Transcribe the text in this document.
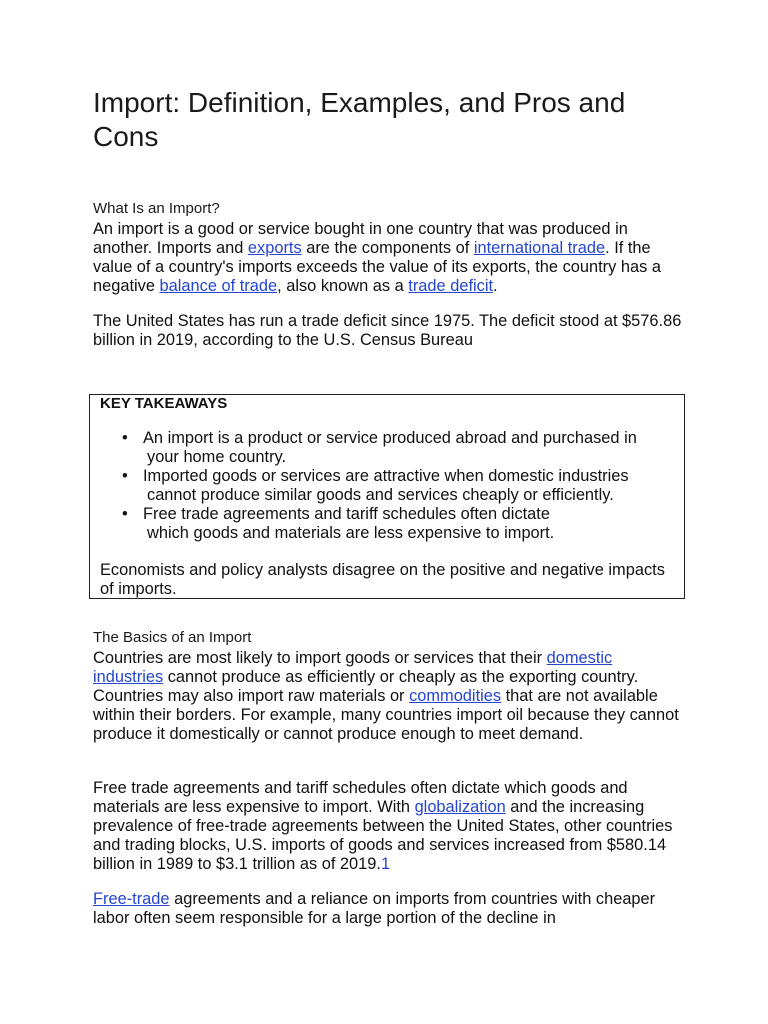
Import: Definition, Examples, and Pros and Cons

What Is an Import?

An import is a good or service bought in one country that was produced in another. Imports and exports are the components of international trade. If the value of a country's imports exceeds the value of its exports, the country has a negative balance of trade, also known as a trade deficit.

The United States has run a trade deficit since 1975. The deficit stood at $576.86 billion in 2019, according to the U.S. Census Bureau

KEY TAKEAWAYS
• An import is a product or service produced abroad and purchased in
your home country.
• Imported goods or services are attractive when domestic industries
cannot produce similar goods and services cheaply or efficiently.
• Free trade agreements and tariff schedules often dictate
which goods and materials are less expensive to import.
Economists and policy analysts disagree on the positive and negative impacts of imports.

The Basics of an Import

Countries are most likely to import goods or services that their domestic industries cannot produce as efficiently or cheaply as the exporting country. Countries may also import raw materials or commodities that are not available within their borders. For example, many countries import oil because they cannot produce it domestically or cannot produce enough to meet demand.

Free trade agreements and tariff schedules often dictate which goods and materials are less expensive to import. With globalization and the increasing prevalence of free-trade agreements between the United States, other countries and trading blocks, U.S. imports of goods and services increased from $580.14 billion in 1989 to $3.1 trillion as of 2019.1

Free-trade agreements and a reliance on imports from countries with cheaper labor often seem responsible for a large portion of the decline in
